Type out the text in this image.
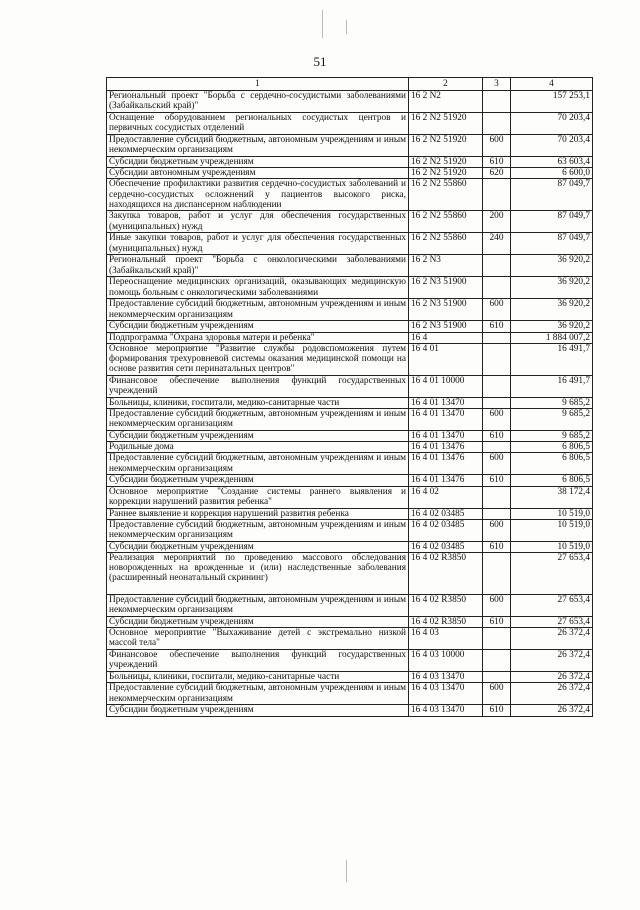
51
1	2	3	4
Региональный проект "Борьба с сердечно-сосудистыми заболеваниями (Забайкальский край)"	16 2 N2		157 253,1
Оснащение оборудованием региональных сосудистых центров и первичных сосудистых отделений	16 2 N2 51920		70 203,4
Предоставление субсидий бюджетным, автономным учреждениям и иным некоммерческим организациям	16 2 N2 51920	600	70 203,4
Субсидии бюджетным учреждениям	16 2 N2 51920	610	63 603,4
Субсидии автономным учреждениям	16 2 N2 51920	620	6 600,0
Обеспечение профилактики развития сердечно-сосудистых заболеваний и сердечно-сосудистых осложнений у пациентов высокого риска, находящихся на диспансерном наблюдении	16 2 N2 55860		87 049,7
Закупка товаров, работ и услуг для обеспечения государственных (муниципальных) нужд	16 2 N2 55860	200	87 049,7
Иные закупки товаров, работ и услуг для обеспечения государственных (муниципальных) нужд	16 2 N2 55860	240	87 049,7
Региональный проект "Борьба с онкологическими заболеваниями (Забайкальский край)"	16 2 N3		36 920,2
Переоснащение медицинских организаций, оказывающих медицинскую помощь больным с онкологическими заболеваниями	16 2 N3 51900		36 920,2
Предоставление субсидий бюджетным, автономным учреждениям и иным некоммерческим организациям	16 2 N3 51900	600	36 920,2
Субсидии бюджетным учреждениям	16 2 N3 51900	610	36 920,2
Подпрограмма "Охрана здоровья матери и ребенка"	16 4		1 884 007,2
Основное мероприятие "Развитие службы родовспоможения путем формирования трехуровневой системы оказания медицинской помощи на основе развития сети перинатальных центров"	16 4 01		16 491,7
Финансовое обеспечение выполнения функций государственных учреждений	16 4 01 10000		16 491,7
Больницы, клиники, госпитали, медико-санитарные части	16 4 01 13470		9 685,2
Предоставление субсидий бюджетным, автономным учреждениям и иным некоммерческим организациям	16 4 01 13470	600	9 685,2
Субсидии бюджетным учреждениям	16 4 01 13470	610	9 685,2
Родильные дома	16 4 01 13476		6 806,5
Предоставление субсидий бюджетным, автономным учреждениям и иным некоммерческим организациям	16 4 01 13476	600	6 806,5
Субсидии бюджетным учреждениям	16 4 01 13476	610	6 806,5
Основное мероприятие "Создание системы раннего выявления и коррекции нарушений развития ребенка"	16 4 02		38 172,4
Раннее выявление и коррекция нарушений развития ребенка	16 4 02 03485		10 519,0
Предоставление субсидий бюджетным, автономным учреждениям и иным некоммерческим организациям	16 4 02 03485	600	10 519,0
Субсидии бюджетным учреждениям	16 4 02 03485	610	10 519,0
Реализация мероприятий по проведению массового обследования новорожденных на врожденные и (или) наследственные заболевания (расширенный неонатальный скрининг)	16 4 02 R3850		27 653,4
Предоставление субсидий бюджетным, автономным учреждениям и иным некоммерческим организациям	16 4 02 R3850	600	27 653,4
Субсидии бюджетным учреждениям	16 4 02 R3850	610	27 653,4
Основное мероприятие "Выхаживание детей с экстремально низкой массой тела"	16 4 03		26 372,4
Финансовое обеспечение выполнения функций государственных учреждений	16 4 03 10000		26 372,4
Больницы, клиники, госпитали, медико-санитарные части	16 4 03 13470		26 372,4
Предоставление субсидий бюджетным, автономным учреждениям и иным некоммерческим организациям	16 4 03 13470	600	26 372,4
Субсидии бюджетным учреждениям	16 4 03 13470	610	26 372,4
